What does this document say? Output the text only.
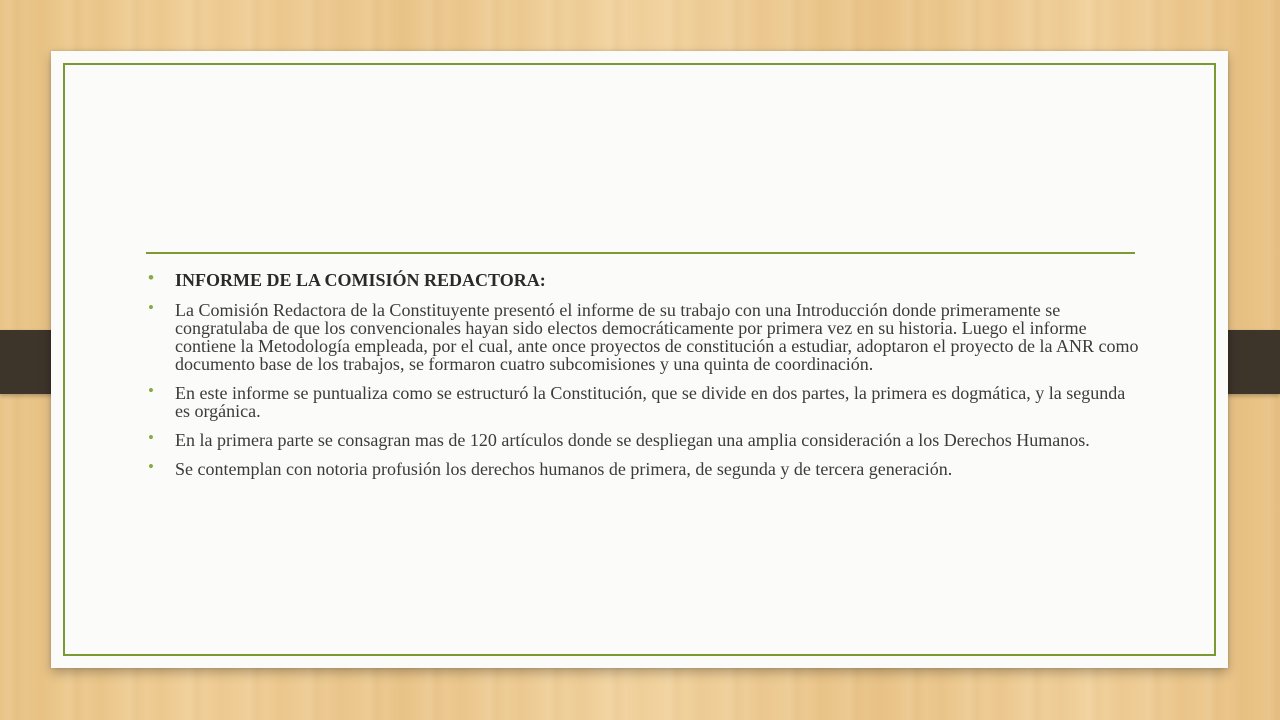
• INFORME DE LA COMISIÓN REDACTORA:
• La Comisión Redactora de la Constituyente presentó el informe de su trabajo con una Introducción donde primeramente se congratulaba de que los convencionales hayan sido electos democráticamente por primera vez en su historia. Luego el informe contiene la Metodología empleada, por el cual, ante once proyectos de constitución a estudiar, adoptaron el proyecto de la ANR como documento base de los trabajos, se formaron cuatro subcomisiones y una quinta de coordinación.
• En este informe se puntualiza como se estructuró la Constitución, que se divide en dos partes, la primera es dogmática, y la segunda es orgánica.
• En la primera parte se consagran mas de 120 artículos donde se despliegan una amplia consideración a los Derechos Humanos.
• Se contemplan con notoria profusión los derechos humanos de primera, de segunda y de tercera generación.
